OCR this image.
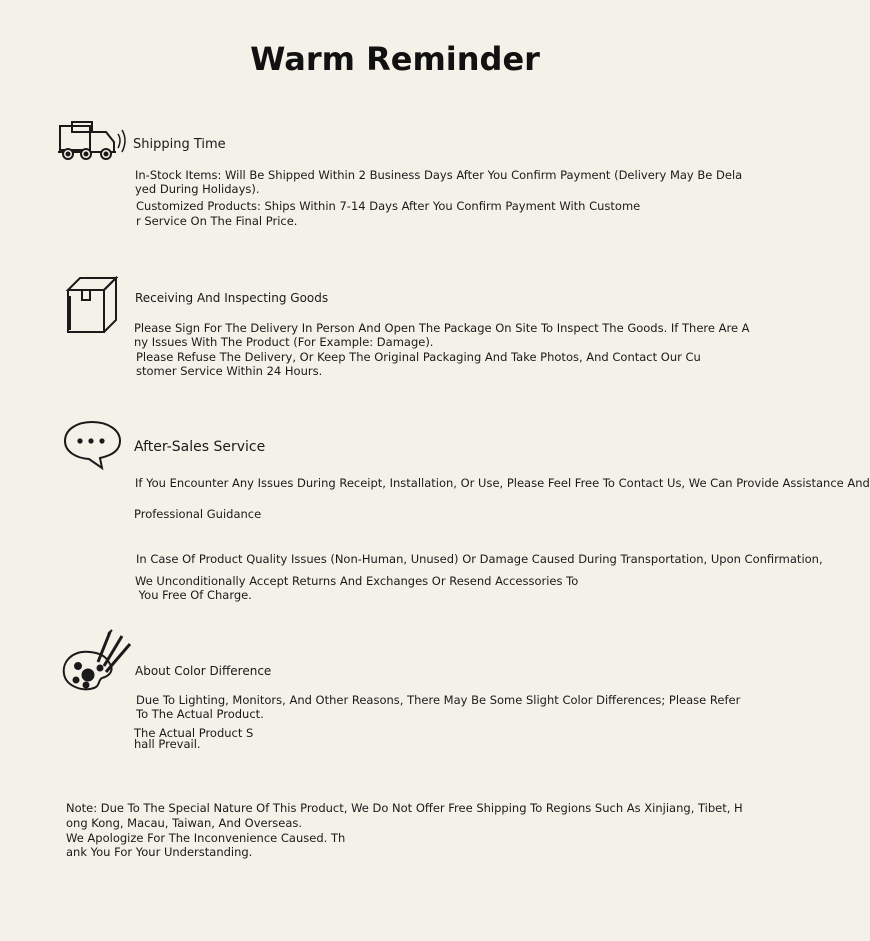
Warm Reminder
Shipping Time
In-Stock Items: Will Be Shipped Within 2 Business Days After You Confirm Payment (Delivery May Be Dela
yed During Holidays).
Customized Products: Ships Within 7-14 Days After You Confirm Payment With Custome
r Service On The Final Price.
Receiving And Inspecting Goods
Please Sign For The Delivery In Person And Open The Package On Site To Inspect The Goods. If There Are A
ny Issues With The Product (For Example: Damage).
Please Refuse The Delivery, Or Keep The Original Packaging And Take Photos, And Contact Our Cu
stomer Service Within 24 Hours.
After-Sales Service
If You Encounter Any Issues During Receipt, Installation, Or Use, Please Feel Free To Contact Us, We Can Provide Assistance And
Professional Guidance
In Case Of Product Quality Issues (Non-Human, Unused) Or Damage Caused During Transportation, Upon Confirmation,
We Unconditionally Accept Returns And Exchanges Or Resend Accessories To
You Free Of Charge.
About Color Difference
Due To Lighting, Monitors, And Other Reasons, There May Be Some Slight Color Differences; Please Refer
To The Actual Product.
The Actual Product S
hall Prevail.
Note: Due To The Special Nature Of This Product, We Do Not Offer Free Shipping To Regions Such As Xinjiang, Tibet, H
ong Kong, Macau, Taiwan, And Overseas.
We Apologize For The Inconvenience Caused. Th
ank You For Your Understanding.
